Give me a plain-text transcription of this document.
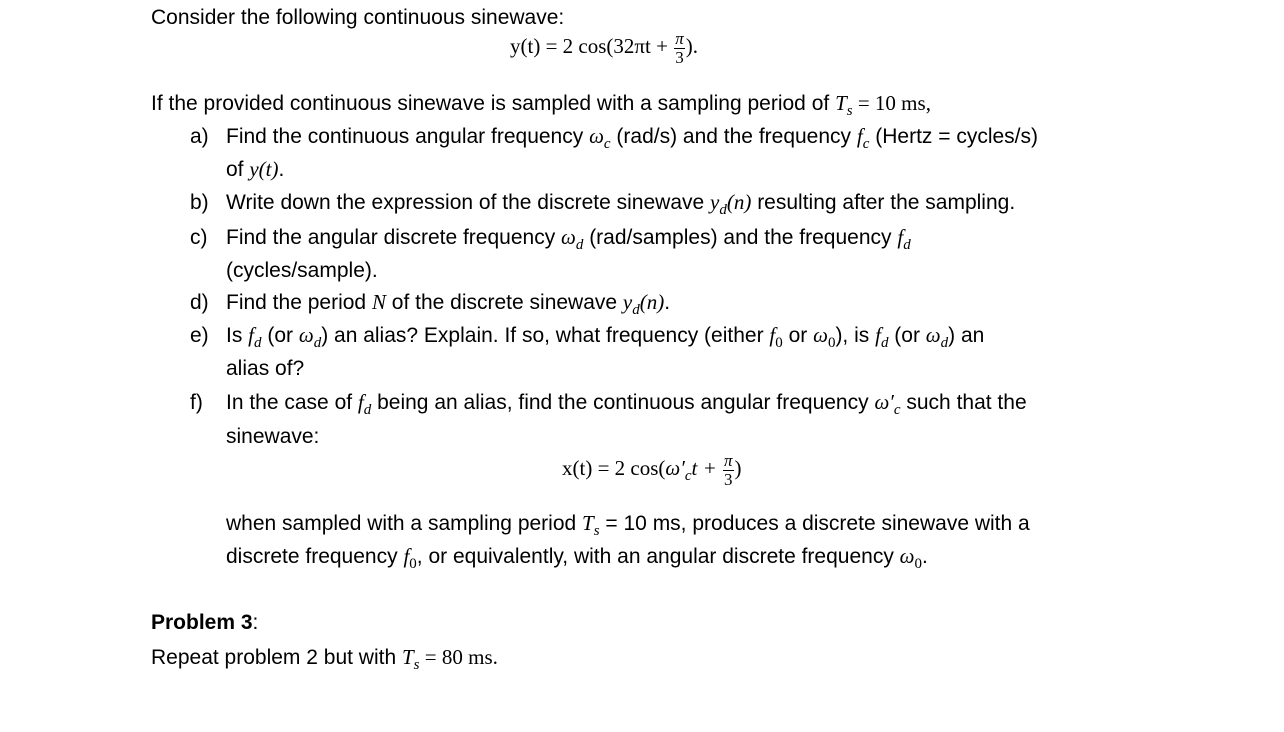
Consider the following continuous sinewave:
y(t) = 2 $\cos(32\pi t + \frac{\pi}{3}$ ).
If the provided continuous sinewave is sampled with a sampling period of $T_s = 10$ ms,
a) Find the continuous angular frequency $\omega_c$ (rad/s) and the frequency $f_c$ (Hertz = cycles/s)
of y(t).
b) Write down the expression of the discrete sinewave $y_d(n)$ resulting after the sampling.
c) Find the angular discrete frequency $\omega_d$ (rad/samples) and the frequency $f_d$
(cycles/sample).
d) Find the period N of the discrete sinewave $y_d(n)$.
e) Is $f_d$ (or $\omega_d$) an alias? Explain. If so, what frequency (either $f_0$ or $\omega_0$), is $f_d$ (or $\omega_d$) an
alias of?
f) In the case of $f_d$ being an alias, find the continuous angular frequency $\omega'_c$ such that the
sinewave:
x(t) = 2 $\cos(\omega'_ct + \frac{\pi}{3}$ )
when sampled with a sampling period $T_s = 10$ ms, produces a discrete sinewave with a
discrete frequency $f_0$, or equivalently, with an angular discrete frequency $\omega_0$.
Problem 3:
Repeat problem 2 but with $T_s = 80$ ms.
